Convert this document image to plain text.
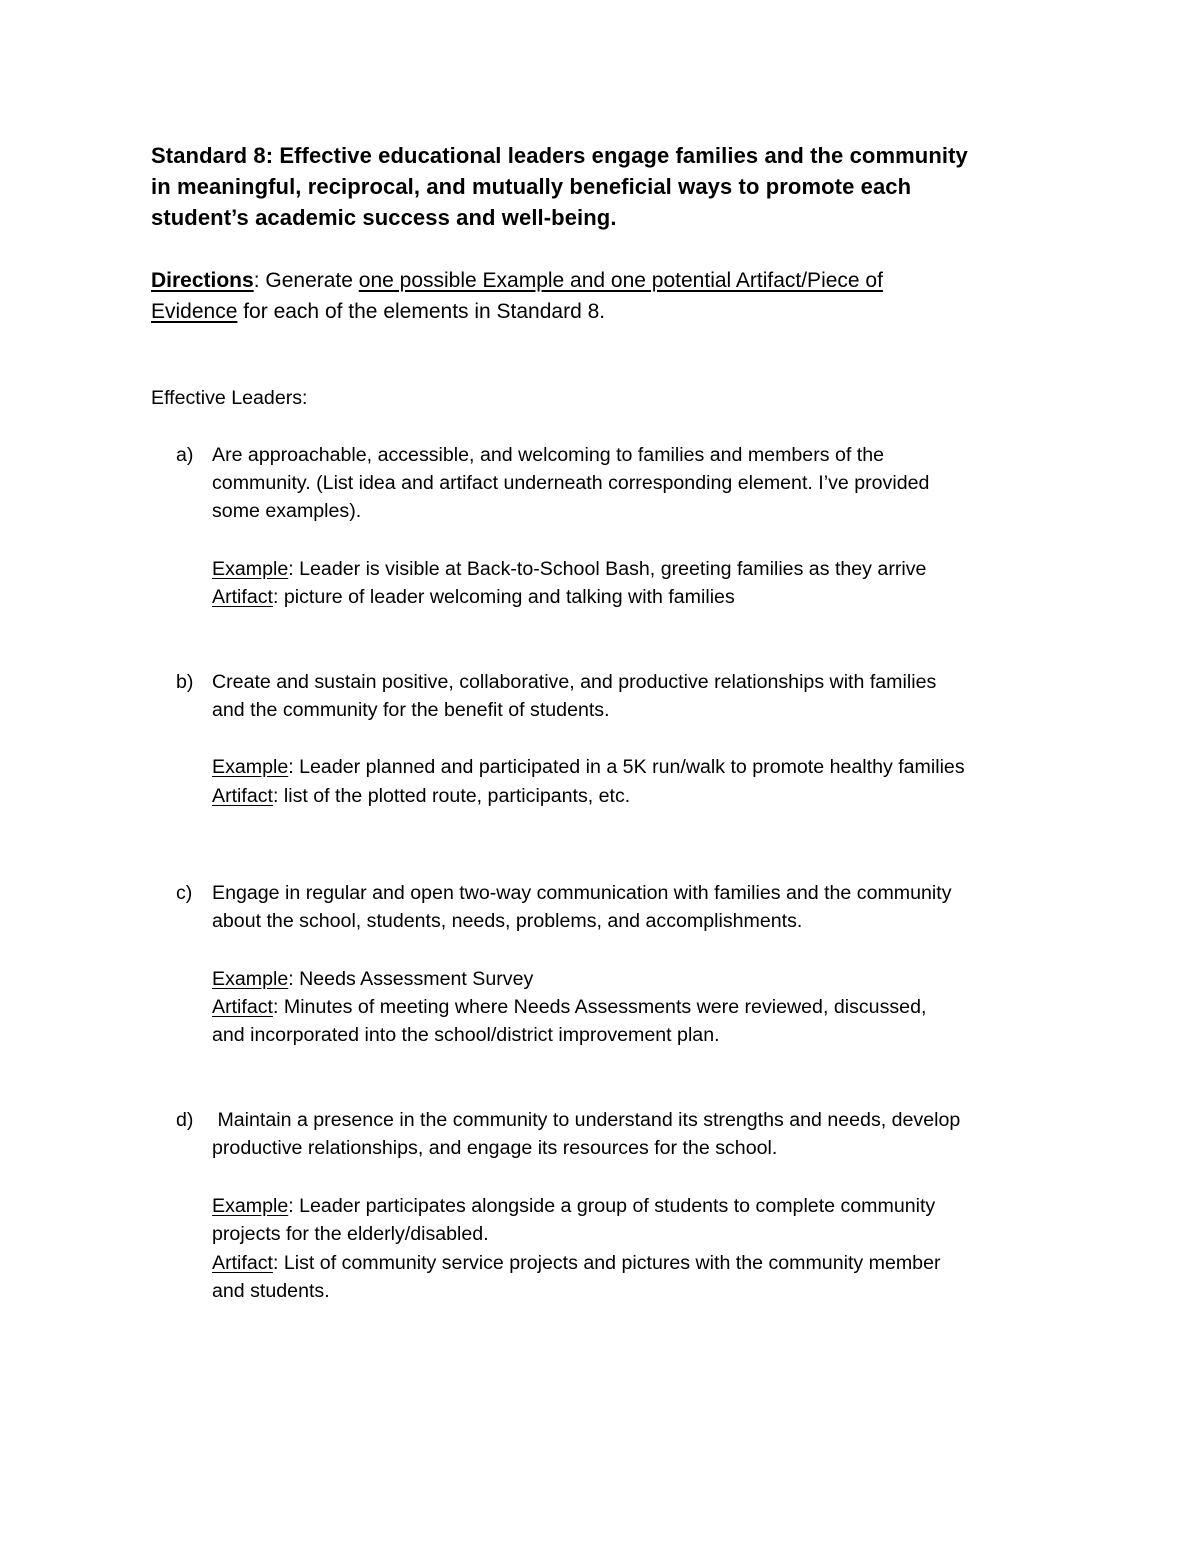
Standard 8: Effective educational leaders engage families and the community
in meaningful, reciprocal, and mutually beneficial ways to promote each
student’s academic success and well-being.
Directions: Generate one possible Example and one potential Artifact/Piece of
Evidence for each of the elements in Standard 8.
Effective Leaders:
a) Are approachable, accessible, and welcoming to families and members of the
community. (List idea and artifact underneath corresponding element. I’ve provided
some examples).
Example: Leader is visible at Back-to-School Bash, greeting families as they arrive
Artifact: picture of leader welcoming and talking with families
b) Create and sustain positive, collaborative, and productive relationships with families
and the community for the benefit of students.
Example: Leader planned and participated in a 5K run/walk to promote healthy families
Artifact: list of the plotted route, participants, etc.
c) Engage in regular and open two-way communication with families and the community
about the school, students, needs, problems, and accomplishments.
Example: Needs Assessment Survey
Artifact: Minutes of meeting where Needs Assessments were reviewed, discussed,
and incorporated into the school/district improvement plan.
d) Maintain a presence in the community to understand its strengths and needs, develop
productive relationships, and engage its resources for the school.
Example: Leader participates alongside a group of students to complete community
projects for the elderly/disabled.
Artifact: List of community service projects and pictures with the community member
and students.
